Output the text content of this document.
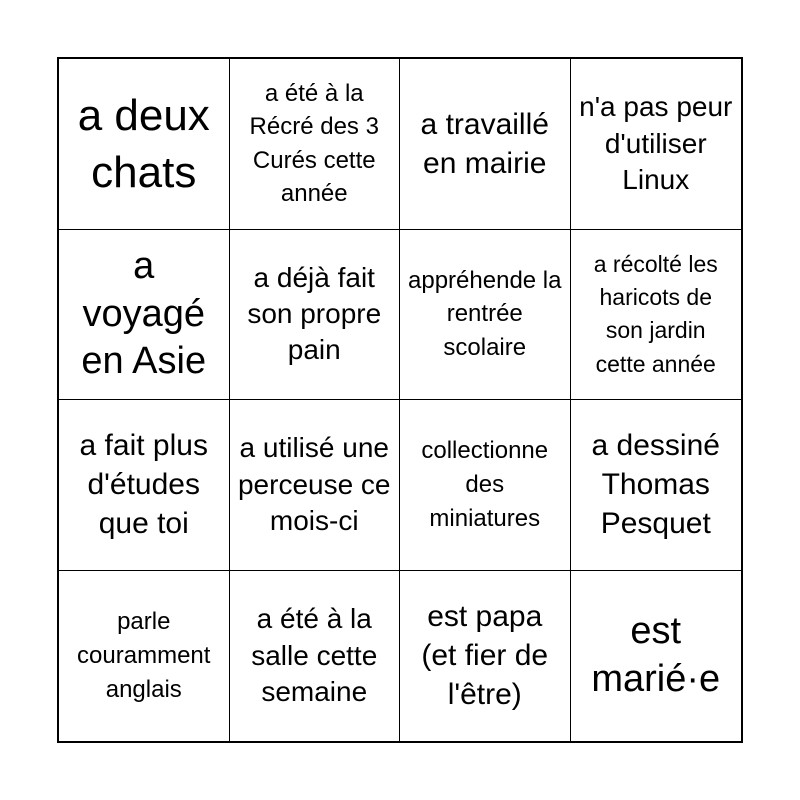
a deux chats
a été à la Récré des 3 Curés cette année
a travaillé en mairie
n'a pas peur d'utiliser Linux
a voyagé en Asie
a déjà fait son propre pain
appréhende la rentrée scolaire
a récolté les haricots de son jardin cette année
a fait plus d'études que toi
a utilisé une perceuse ce mois-ci
collectionne des miniatures
a dessiné Thomas Pesquet
parle couramment anglais
a été à la salle cette semaine
est papa (et fier de l'être)
est marié·e
